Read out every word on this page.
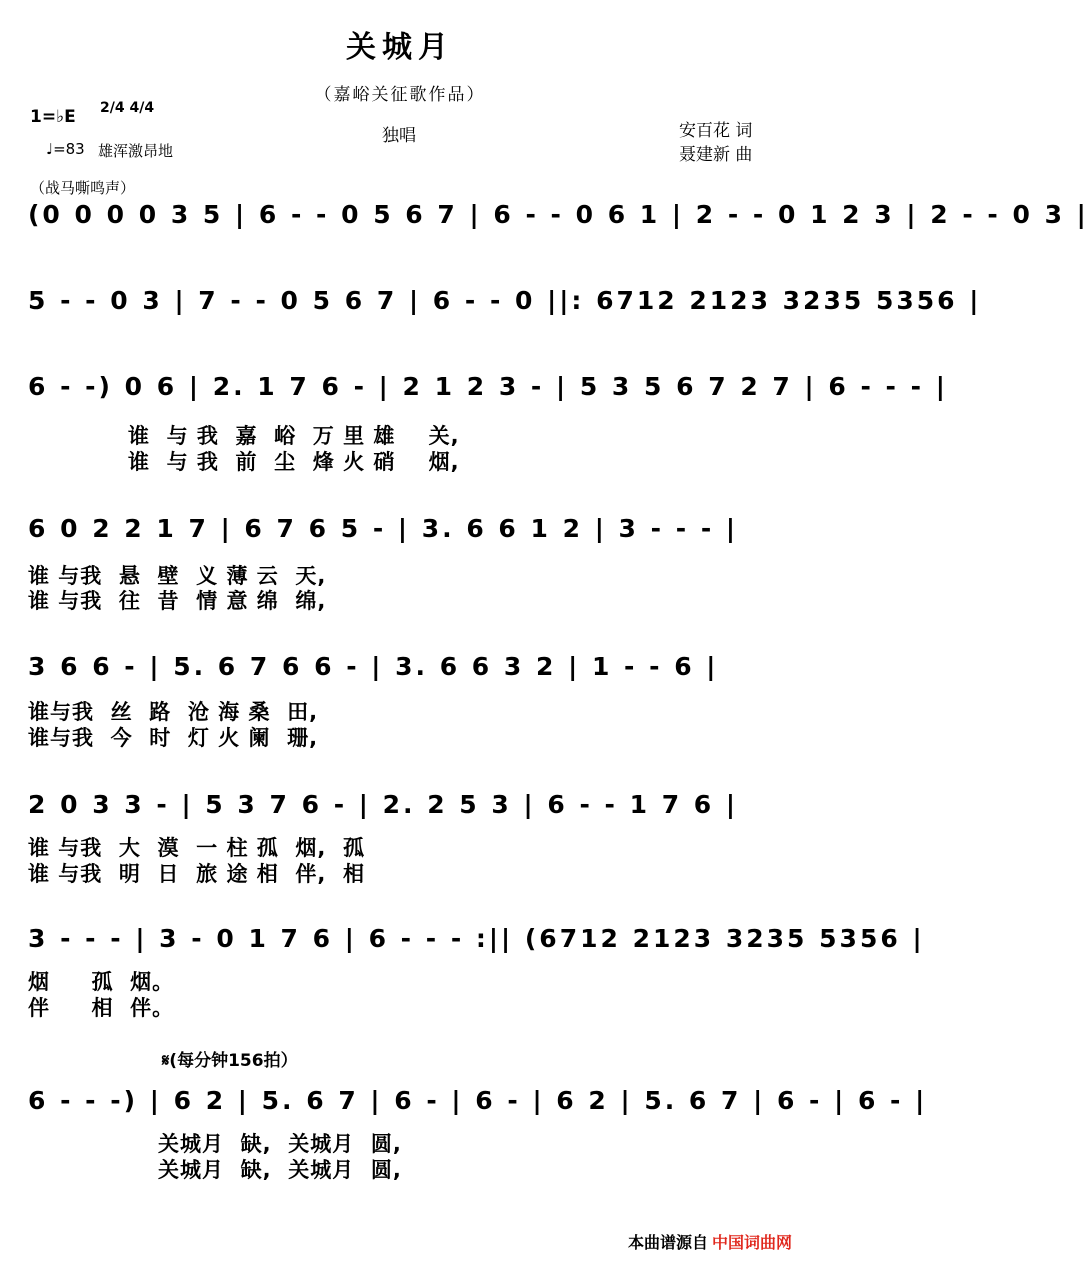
关城月
（嘉峪关征歌作品）
1=♭E 2/4 4/4
♩=83 雄浑激昂地
独唱	安百花 词
聂建新 曲
（战马嘶鸣声）
(0 0 0 0 3 5 | 6 - - 0 5 6 7 | 6 - - 0 6 1 | 2 - - 0 1 2 3 | 2 - - 0 3 |
5 - - 0 3 | 7 - - 0 5 6 7 | 6 - - 0 ||: 6712 2123 3235 5356 |
6 - -) 0 6 | 2. 1 7 6 - | 2 1 2 3 - | 5 3 5 6 7 2 7 | 6 - - - |
谁  与 我  嘉  峪  万 里 雄    关,
谁  与 我  前  尘  烽 火 硝    烟,
6 0 2 2 1 7 | 6 7 6 5 - | 3. 6 6 1 2 | 3 - - - |
谁 与我  悬  壁  义 薄 云  天,
谁 与我  往  昔  情 意 绵  绵,
3 6 6 - | 5. 6 7 6 6 - | 3. 6 6 3 2 | 1 - - 6 |
谁与我  丝  路  沧 海 桑  田,
谁与我  今  时  灯 火 阑  珊,
2 0 3 3 - | 5 3 7 6 - | 2. 2 5 3 | 6 - - 1 7 6 |
谁 与我  大  漠  一 柱 孤  烟,  孤
谁 与我  明  日  旅 途 相  伴,  相
3 - - - | 3 - 0 1 7 6 | 6 - - - :|| (6712 2123 3235 5356 |
烟     孤  烟。
伴     相  伴。
𝄋(每分钟156拍）
6 - - -) | 6 2 | 5. 6 7 | 6 - | 6 - | 6 2 | 5. 6 7 | 6 - | 6 - |
关城月  缺,  关城月  圆,
关城月  缺,  关城月  圆,
本曲谱源自 中国词曲网
